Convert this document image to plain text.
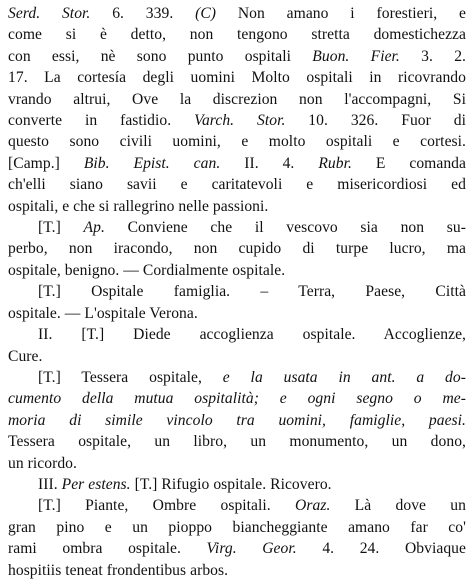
Serd. Stor. 6. 339. (C) Non amano i forestieri, e
come si è detto, non tengono stretta domestichezza
con essi, nè sono punto ospitali Buon. Fier. 3. 2.
17. La cortesía degli uomini Molto ospitali in ricovrando
vrando altrui, Ove la discrezion non l'accompagni, Si
converte in fastidio. Varch. Stor. 10. 326. Fuor di
questo sono civili uomini, e molto ospitali e cortesi.
[Camp.] Bib. Epist. can. II. 4. Rubr. E comanda
ch'elli siano savii e caritatevoli e misericordiosi ed
ospitali, e che si rallegrino nelle passioni.
[T.] Ap. Conviene che il vescovo sia non su-
perbo, non iracondo, non cupido di turpe lucro, ma
ospitale, benigno. — Cordialmente ospitale.
[T.] Ospitale famiglia. – Terra, Paese, Città
ospitale. — L'ospitale Verona.
II. [T.] Diede accoglienza ospitale. Accoglienze,
Cure.
[T.] Tessera ospitale, e la usata in ant. a do-
cumento della mutua ospitalità; e ogni segno o me-
moria di simile vincolo tra uomini, famiglie, paesi.
Tessera ospitale, un libro, un monumento, un dono,
un ricordo.
III. Per estens. [T.] Rifugio ospitale. Ricovero.
[T.] Piante, Ombre ospitali. Oraz. Là dove un
gran pino e un pioppo biancheggiante amano far co'
rami ombra ospitale. Virg. Geor. 4. 24. Obviaque
hospitiis teneat frondentibus arbos.
